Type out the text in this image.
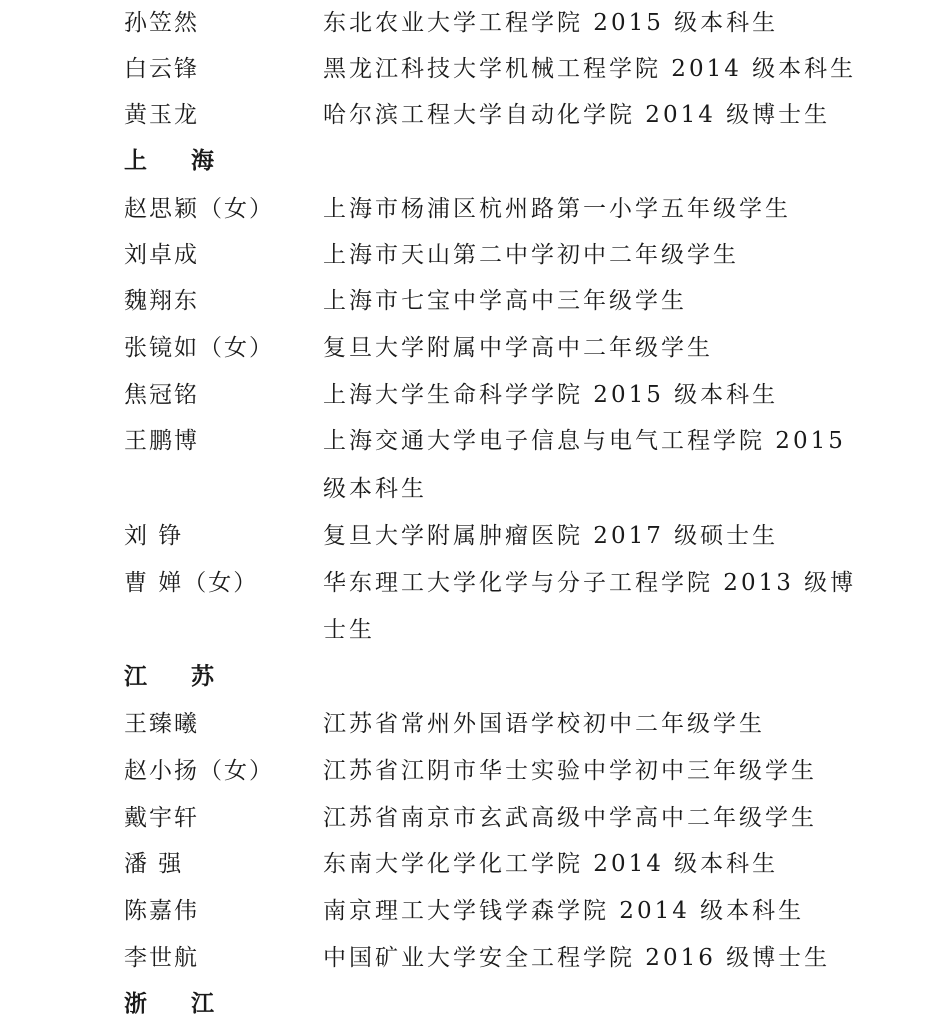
孙笠然	东北农业大学工程学院 2015 级本科生
白云锋	黑龙江科技大学机械工程学院 2014 级本科生
黄玉龙	哈尔滨工程大学自动化学院 2014 级博士生
上 海
赵思颖（女） 上海市杨浦区杭州路第一小学五年级学生
刘卓成	上海市天山第二中学初中二年级学生
魏翔东	上海市七宝中学高中三年级学生
张镜如（女） 复旦大学附属中学高中二年级学生
焦冠铭	上海大学生命科学学院 2015 级本科生
王鹏博	上海交通大学电子信息与电气工程学院 2015
级本科生
刘 铮	复旦大学附属肿瘤医院 2017 级硕士生
曹 婵（女）	华东理工大学化学与分子工程学院 2013 级博
士生
江 苏
王臻曦	江苏省常州外国语学校初中二年级学生
赵小扬（女） 江苏省江阴市华士实验中学初中三年级学生
戴宇轩	江苏省南京市玄武高级中学高中二年级学生
潘 强	东南大学化学化工学院 2014 级本科生
陈嘉伟	南京理工大学钱学森学院 2014 级本科生
李世航	中国矿业大学安全工程学院 2016 级博士生
浙 江
